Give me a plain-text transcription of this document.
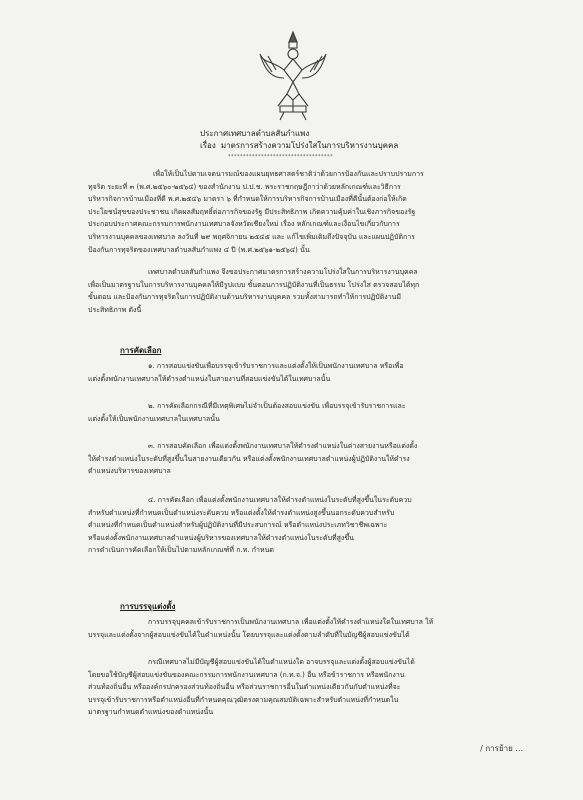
ประกาศเทศบาลตำบลสันกำแพง
เรื่อง มาตรการสร้างความโปร่งใสในการบริหารงานบุคคล
***********************************
เพื่อให้เป็นไปตามเจตนารมณ์ของแผนยุทธศาสตร์ชาติว่าด้วยการป้องกันและปราบปรามการ
ทุจริต ระยะที่ ๓ (พ.ศ.๒๕๖๐-๒๕๖๔) ของสำนักงาน ป.ป.ช. พระราชกฤษฎีกาว่าด้วยหลักเกณฑ์และวิธีการ
บริหารกิจการบ้านเมืองที่ดี พ.ศ.๒๕๔๖ มาตรา ๖ ที่กำหนดให้การบริหารกิจการบ้านเมืองที่ดีนั้นต้องก่อให้เกิด
ประโยชน์สุขของประชาชน เกิดผลสัมฤทธิ์ต่อภารกิจของรัฐ มีประสิทธิภาพ เกิดความคุ้มค่าในเชิงภารกิจของรัฐ
ประกอบประกาศคณะกรรมการพนักงานเทศบาลจังหวัดเชียงใหม่ เรื่อง หลักเกณฑ์และเงื่อนไขเกี่ยวกับการ
บริหารงานบุคคลของเทศบาล ลงวันที่ ๒๙ พฤศจิกายน ๒๕๔๕ และ แก้ไขเพิ่มเติมถึงปัจจุบัน และแผนปฏิบัติการ
ป้องกันการทุจริตของเทศบาลตำบลสันกำแพง ๔ ปี (พ.ศ.๒๕๖๑-๒๕๖๔) นั้น
เทศบาลตำบลสันกำแพง จึงขอประกาศมาตรการสร้างความโปร่งใสในการบริหารงานบุคคล
เพื่อเป็นมาตรฐานในการบริหารงานบุคคลให้มีรูปแบบ ขั้นตอนการปฏิบัติงานที่เป็นธรรม โปร่งใส ตรวจสอบได้ทุก
ขั้นตอน และป้องกันการทุจริตในการปฏิบัติงานด้านบริหารงานบุคคล รวมทั้งสามารถทำให้การปฏิบัติงานมี
ประสิทธิภาพ ดังนี้
การคัดเลือก
๑. การสอบแข่งขันเพื่อบรรจุเข้ารับราชการและแต่งตั้งให้เป็นพนักงานเทศบาล หรือเพื่อ
แต่งตั้งพนักงานเทศบาลให้ดำรงตำแหน่งในสายงานที่สอบแข่งขันได้ในเทศบาลนั้น
๒. การคัดเลือกกรณีที่มีเหตุพิเศษไม่จำเป็นต้องสอบแข่งขัน เพื่อบรรจุเข้ารับราชการและ
แต่งตั้งให้เป็นพนักงานเทศบาลในเทศบาลนั้น
๓. การสอบคัดเลือก เพื่อแต่งตั้งพนักงานเทศบาลให้ดำรงตำแหน่งในต่างสายงานหรือแต่งตั้ง
ให้ดำรงตำแหน่งในระดับที่สูงขึ้นในสายงานเดียวกัน หรือแต่งตั้งพนักงานเทศบาลตำแหน่งผู้ปฏิบัติงานให้ดำรง
ตำแหน่งบริหารของเทศบาล
๔. การคัดเลือก เพื่อแต่งตั้งพนักงานเทศบาลให้ดำรงตำแหน่งในระดับที่สูงขึ้นในระดับควบ
สำหรับตำแหน่งที่กำหนดเป็นตำแหน่งระดับควบ หรือแต่งตั้งให้ดำรงตำแหน่งสูงขึ้นนอกระดับควบสำหรับ
ตำแหน่งที่กำหนดเป็นตำแหน่งสำหรับผู้ปฏิบัติงานที่มีประสบการณ์ หรือตำแหน่งประเภทวิชาชีพเฉพาะ
หรือแต่งตั้งพนักงานเทศบาลตำแหน่งผู้บริหารของเทศบาลให้ดำรงตำแหน่งในระดับที่สูงขึ้น
การดำเนินการคัดเลือกให้เป็นไปตามหลักเกณฑ์ที่ ก.ท. กำหนด
การบรรจุแต่งตั้ง
การบรรจุบุคคลเข้ารับราชการเป็นพนักงานเทศบาล เพื่อแต่งตั้งให้ดำรงตำแหน่งใดในเทศบาล ให้
บรรจุและแต่งตั้งจากผู้สอบแข่งขันได้ในตำแหน่งนั้น โดยบรรจุและแต่งตั้งตามลำดับที่ในบัญชีผู้สอบแข่งขันได้
กรณีเทศบาลไม่มีบัญชีผู้สอบแข่งขันได้ในตำแหน่งใด อาจบรรจุและแต่งตั้งผู้สอบแข่งขันได้
โดยขอใช้บัญชีผู้สอบแข่งขันของคณะกรรมการพนักงานเทศบาล (ก.ท.จ.) อื่น หรือข้าราชการ หรือพนักงาน
ส่วนท้องถิ่นอื่น หรือองค์กรปกครองส่วนท้องถิ่นอื่น หรือส่วนราชการอื่นในตำแหน่งเดียวกันกับตำแหน่งที่จะ
บรรจุเข้ารับราชการหรือตำแหน่งอื่นที่กำหนดคุณวุฒิตรงตามคุณสมบัติเฉพาะสำหรับตำแหน่งที่กำหนดใน
มาตรฐานกำหนดตำแหน่งของตำแหน่งนั้น
/ การย้าย ...
